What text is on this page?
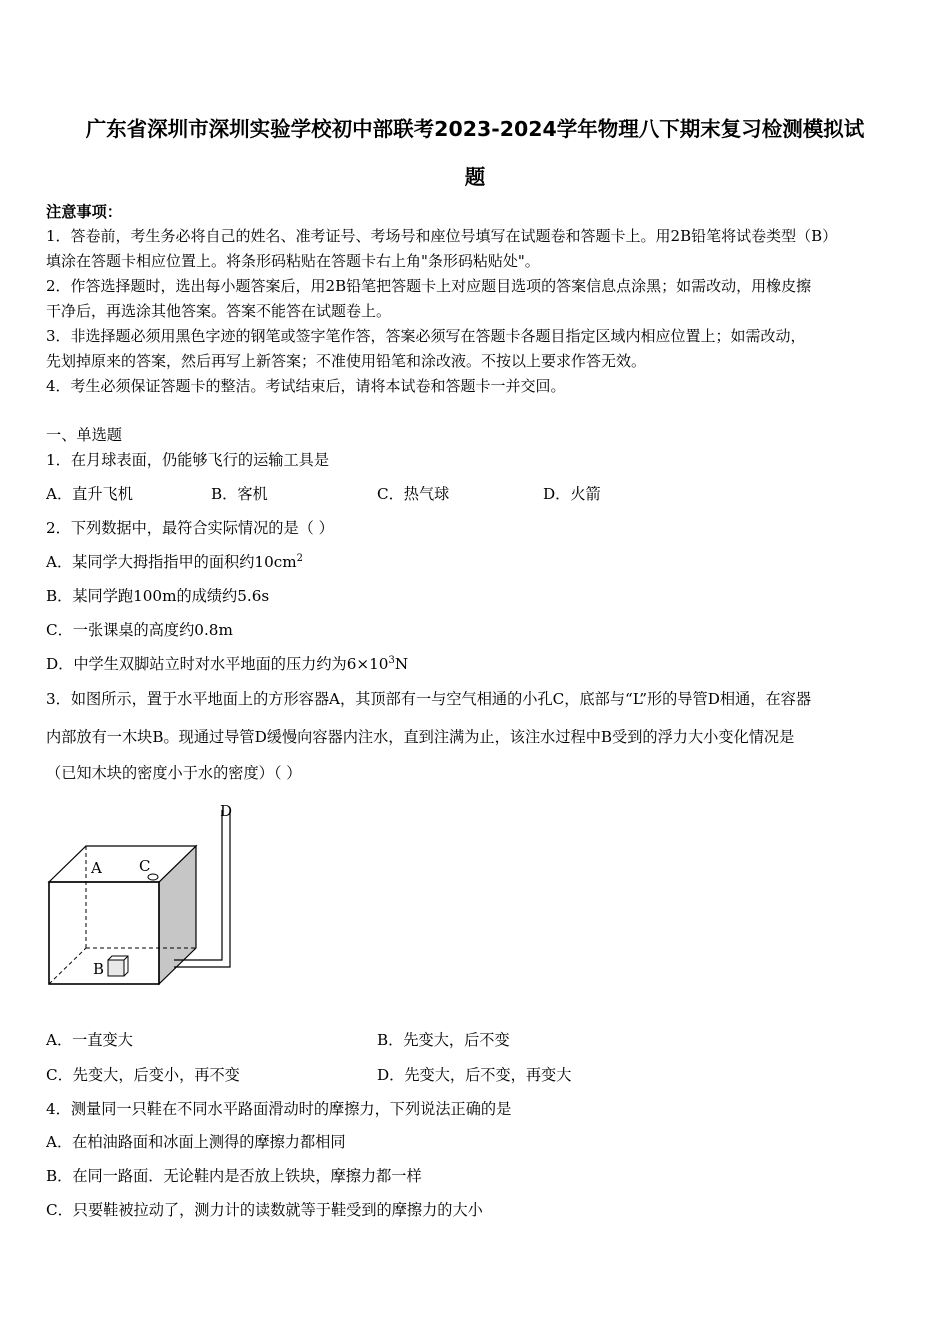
广东省深圳市深圳实验学校初中部联考2023-2024学年物理八下期末复习检测模拟试
题
注意事项：
1．答卷前，考生务必将自己的姓名、准考证号、考场号和座位号填写在试题卷和答题卡上。用2B铅笔将试卷类型（B）
填涂在答题卡相应位置上。将条形码粘贴在答题卡右上角"条形码粘贴处"。
2．作答选择题时，选出每小题答案后，用2B铅笔把答题卡上对应题目选项的答案信息点涂黑；如需改动，用橡皮擦
干净后，再选涂其他答案。答案不能答在试题卷上。
3．非选择题必须用黑色字迹的钢笔或签字笔作答，答案必须写在答题卡各题目指定区域内相应位置上；如需改动，
先划掉原来的答案，然后再写上新答案；不准使用铅笔和涂改液。不按以上要求作答无效。
4．考生必须保证答题卡的整洁。考试结束后，请将本试卷和答题卡一并交回。
一、单选题
1．在月球表面，仍能够飞行的运输工具是
A．直升飞机	B．客机	C．热气球	D．火箭
2．下列数据中，最符合实际情况的是（ ）
A．某同学大拇指指甲的面积约$10cm^2$
B．某同学跑100m的成绩约5.6s
C．一张课桌的高度约0.8m
D．中学生双脚站立时对水平地面的压力约为$6\times 10^3N$
3．如图所示，置于水平地面上的方形容器A，其顶部有一与空气相通的小孔C，底部与“L”形的导管D相通，在容器
内部放有一木块B。现通过导管D缓慢向容器内注水，直到注满为止，该注水过程中B受到的浮力大小变化情况是
（已知木块的密度小于水的密度）（ ）
A C
B
D
A．一直变大	B．先变大，后不变
C．先变大，后变小，再不变	D．先变大，后不变，再变大
4．测量同一只鞋在不同水平路面滑动时的摩擦力，下列说法正确的是
A．在柏油路面和冰面上测得的摩擦力都相同
B．在同一路面．无论鞋内是否放上铁块，摩擦力都一样
C．只要鞋被拉动了，测力计的读数就等于鞋受到的摩擦力的大小
